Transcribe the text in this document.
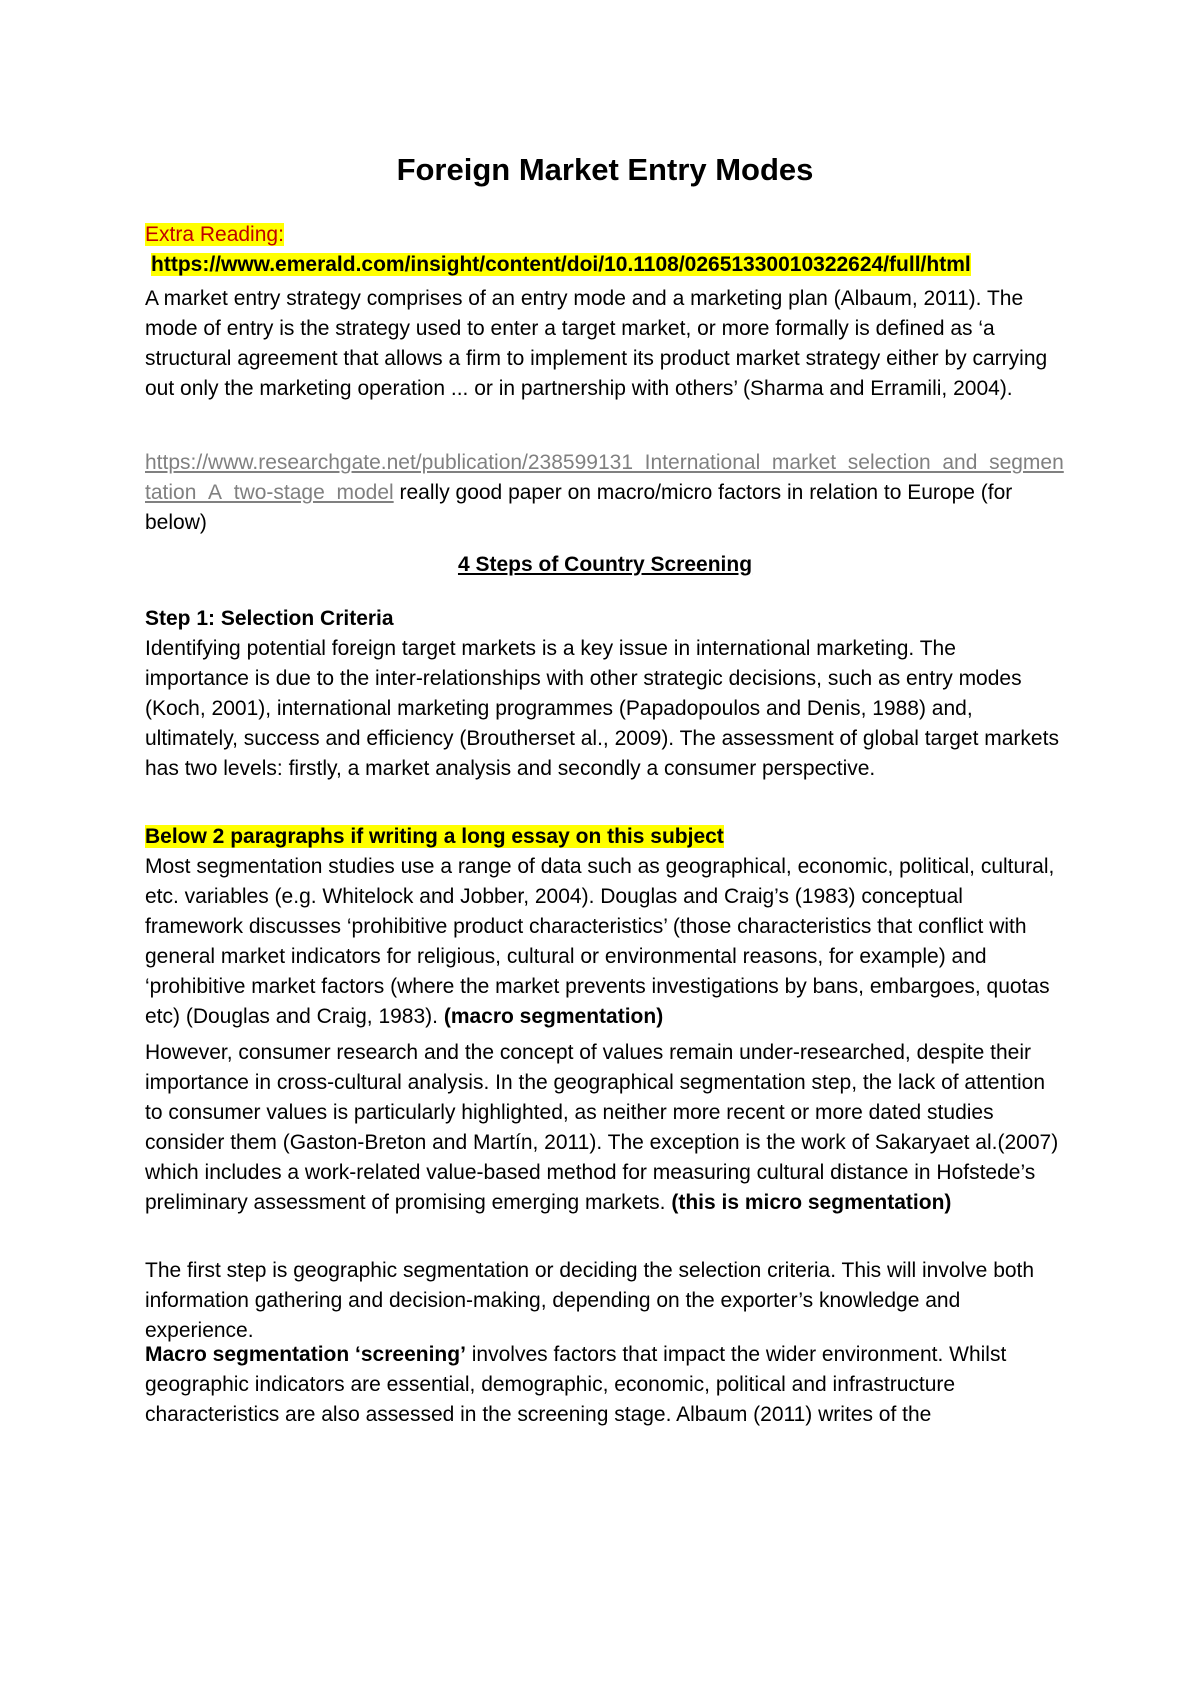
Foreign Market Entry Modes
Extra Reading:
https://www.emerald.com/insight/content/doi/10.1108/02651330010322624/full/html

A market entry strategy comprises of an entry mode and a marketing plan (Albaum, 2011). The mode of entry is the strategy used to enter a target market, or more formally is defined as ‘a structural agreement that allows a firm to implement its product market strategy either by carrying out only the marketing operation ... or in partnership with others’ (Sharma and Erramili, 2004).

https://www.researchgate.net/publication/238599131_International_market_selection_and_segmentation_A_two-stage_model really good paper on macro/micro factors in relation to Europe (for below)

4 Steps of Country Screening

Step 1: Selection Criteria
Identifying potential foreign target markets is a key issue in international marketing. The importance is due to the inter-relationships with other strategic decisions, such as entry modes (Koch, 2001), international marketing programmes (Papadopoulos and Denis, 1988) and, ultimately, success and efficiency (Broutherset al., 2009). The assessment of global target markets has two levels: firstly, a market analysis and secondly a consumer perspective.

Below 2 paragraphs if writing a long essay on this subject
Most segmentation studies use a range of data such as geographical, economic, political, cultural, etc. variables (e.g. Whitelock and Jobber, 2004). Douglas and Craig’s (1983) conceptual framework discusses ‘prohibitive product characteristics’ (those characteristics that conflict with general market indicators for religious, cultural or environmental reasons, for example) and ‘prohibitive market factors (where the market prevents investigations by bans, embargoes, quotas etc) (Douglas and Craig, 1983). (macro segmentation)

However, consumer research and the concept of values remain under-researched, despite their importance in cross-cultural analysis. In the geographical segmentation step, the lack of attention to consumer values is particularly highlighted, as neither more recent or more dated studies consider them (Gaston-Breton and Martín, 2011). The exception is the work of Sakaryaet al.(2007) which includes a work-related value-based method for measuring cultural distance in Hofstede’s preliminary assessment of promising emerging markets. (this is micro segmentation)

The first step is geographic segmentation or deciding the selection criteria. This will involve both information gathering and decision-making, depending on the exporter’s knowledge and experience.

Macro segmentation ‘screening’ involves factors that impact the wider environment. Whilst geographic indicators are essential, demographic, economic, political and infrastructure characteristics are also assessed in the screening stage. Albaum (2011) writes of the
